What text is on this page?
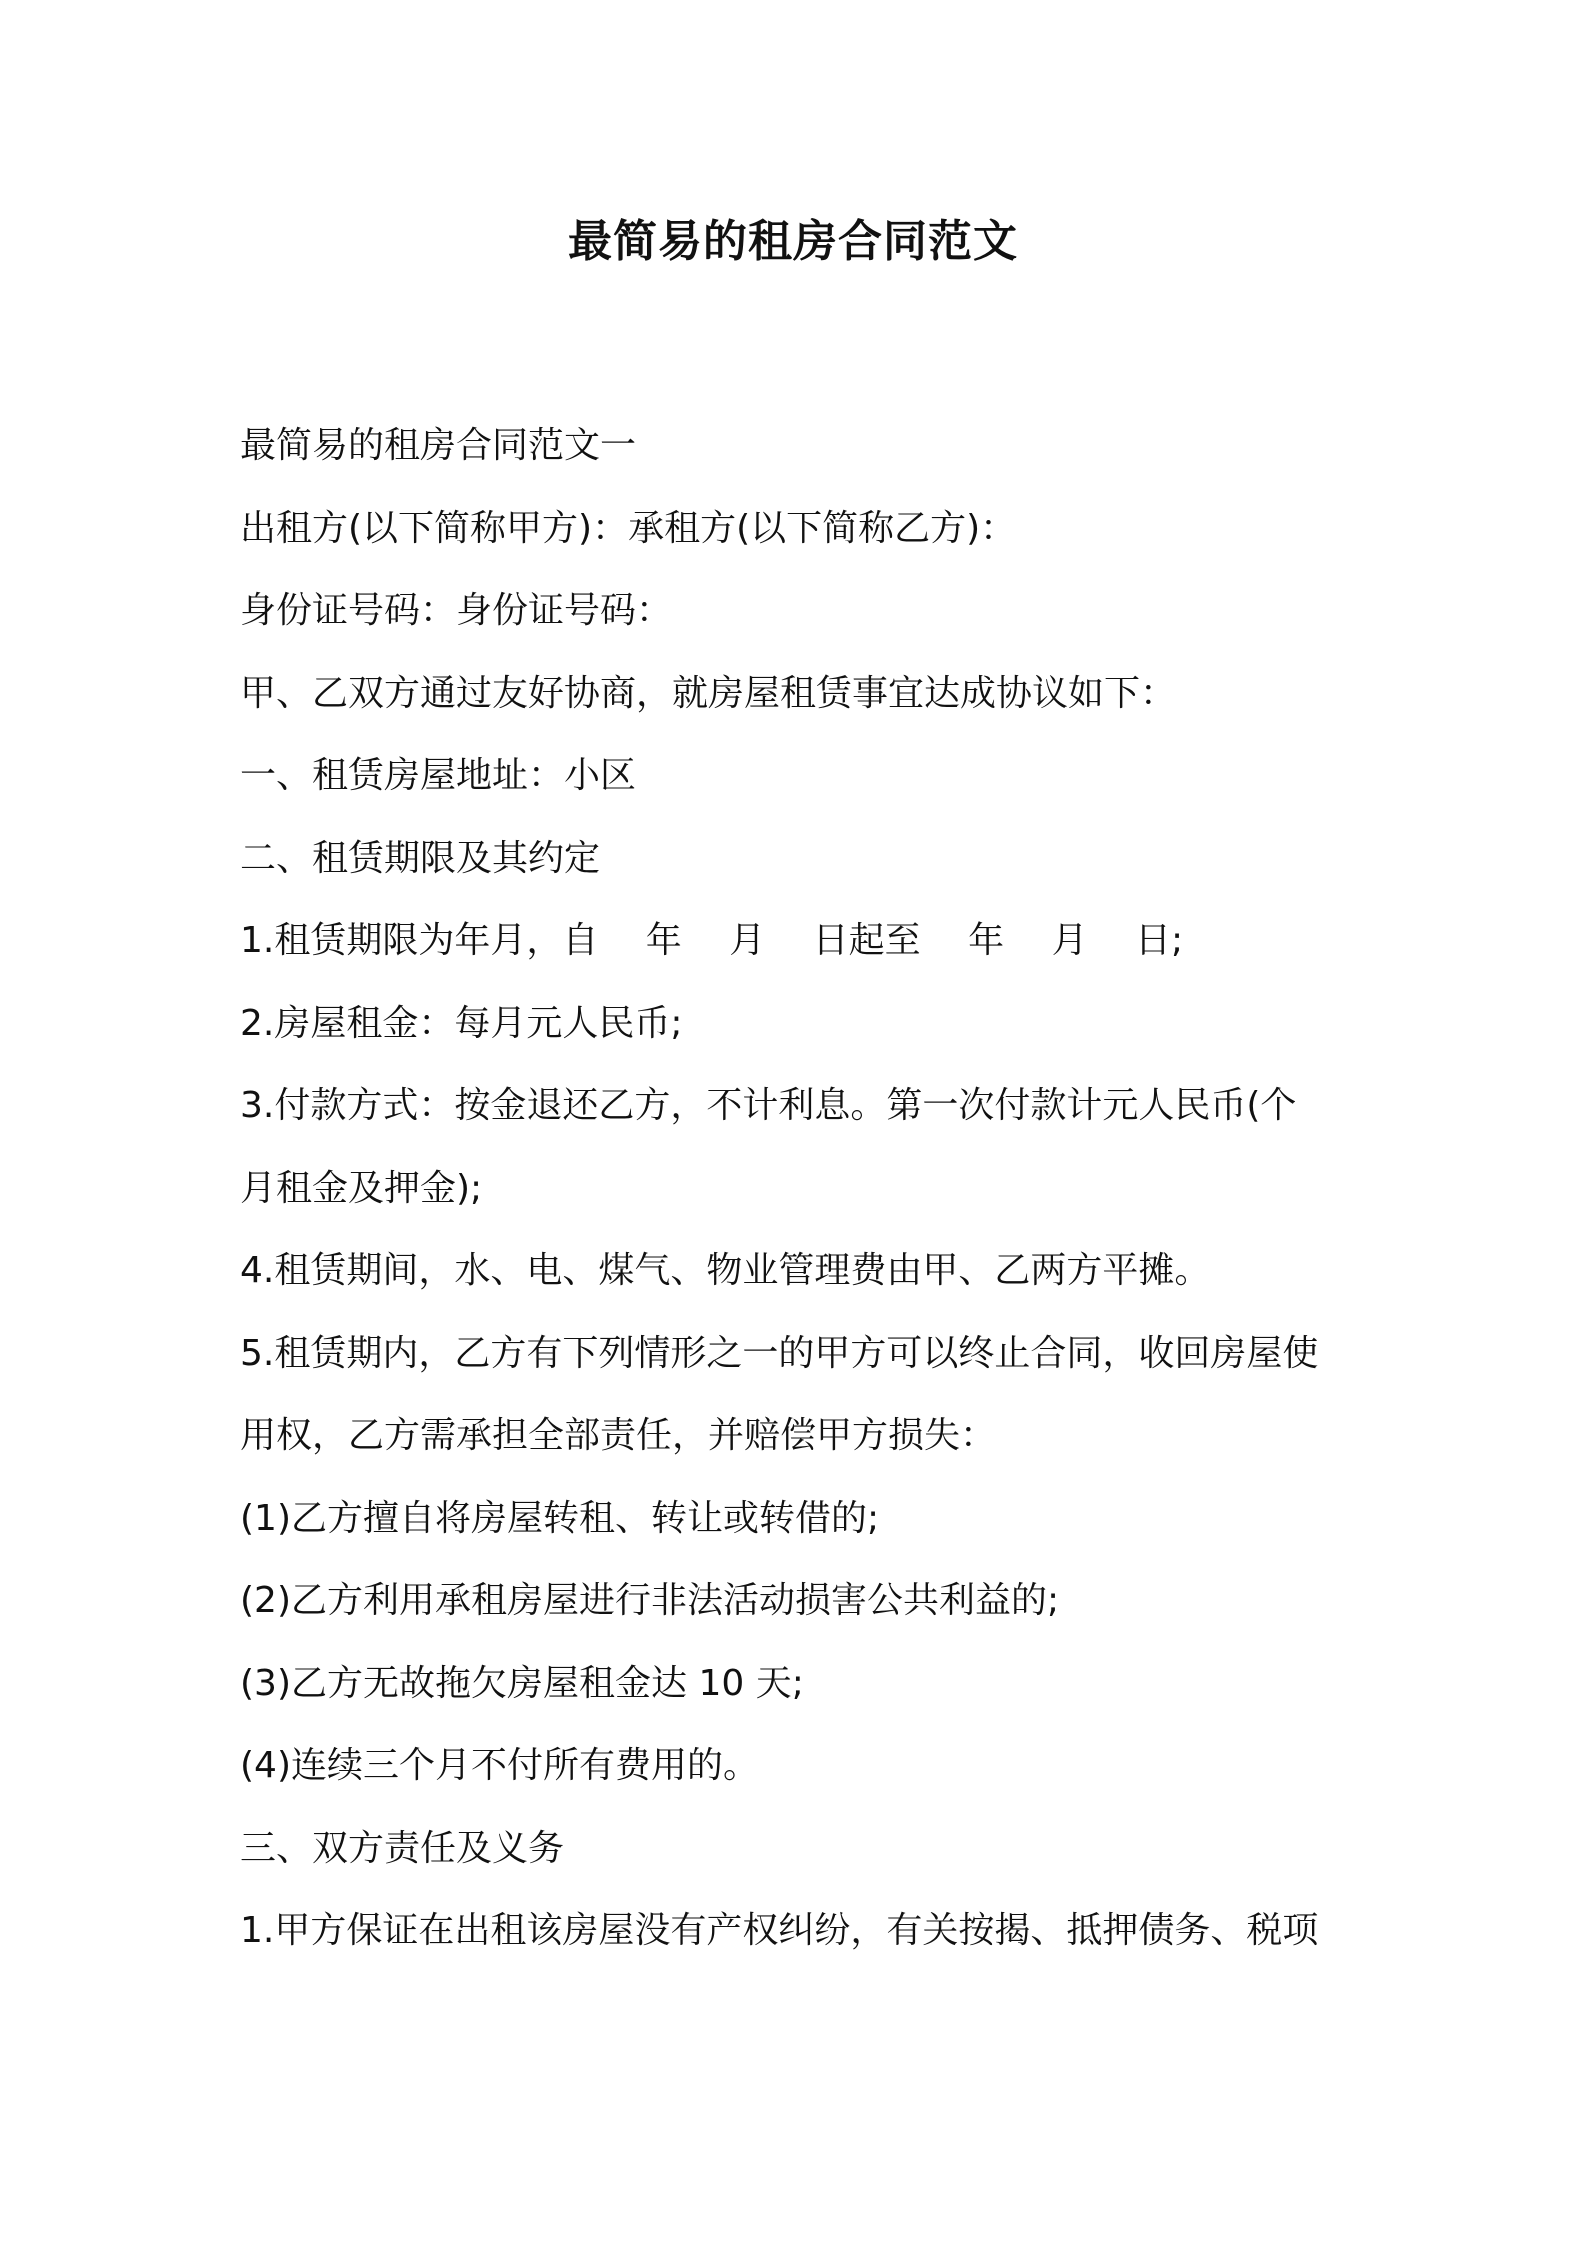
最简易的租房合同范文

最简易的租房合同范文一

出租方(以下简称甲方)：承租方(以下简称乙方)：

身份证号码：身份证号码：

甲、乙双方通过友好协商，就房屋租赁事宜达成协议如下：

一、租赁房屋地址：小区

二、租赁期限及其约定

1.租赁期限为年月，自　 年　 月　 日起至　 年　 月　 日;

2.房屋租金：每月元人民币;

3.付款方式：按金退还乙方，不计利息。第一次付款计元人民币(个

月租金及押金);

4.租赁期间，水、电、煤气、物业管理费由甲、乙两方平摊。

5.租赁期内，乙方有下列情形之一的甲方可以终止合同，收回房屋使

用权，乙方需承担全部责任，并赔偿甲方损失：

(1)乙方擅自将房屋转租、转让或转借的;

(2)乙方利用承租房屋进行非法活动损害公共利益的;

(3)乙方无故拖欠房屋租金达 10 天;

(4)连续三个月不付所有费用的。

三、双方责任及义务

1.甲方保证在出租该房屋没有产权纠纷，有关按揭、抵押债务、税项
